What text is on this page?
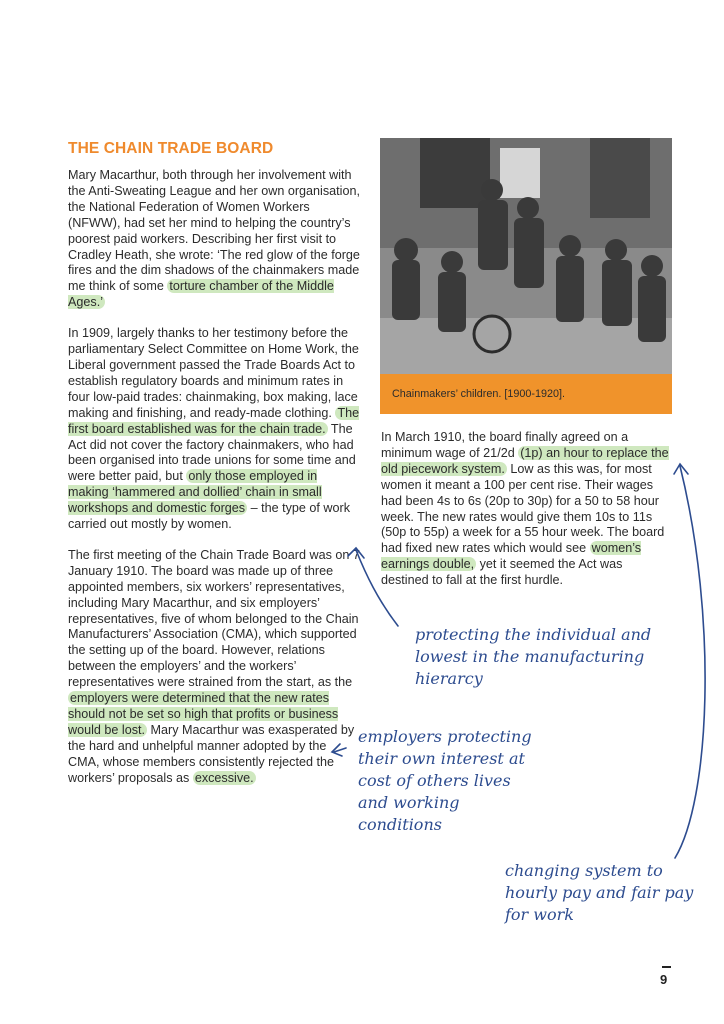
THE CHAIN TRADE BOARD

Mary Macarthur, both through her involvement with the Anti-Sweating League and her own organisation, the National Federation of Women Workers (NFWW), had set her mind to helping the country’s poorest paid workers. Describing her first visit to Cradley Heath, she wrote: ‘The red glow of the forge fires and the dim shadows of the chainmakers made me think of some torture chamber of the Middle Ages.’

In 1909, largely thanks to her testimony before the parliamentary Select Committee on Home Work, the Liberal government passed the Trade Boards Act to establish regulatory boards and minimum rates in four low-paid trades: chainmaking, box making, lace making and finishing, and ready-made clothing. The first board established was for the chain trade. The Act did not cover the factory chainmakers, who had been organised into trade unions for some time and were better paid, but only those employed in making ‘hammered and dollied’ chain in small workshops and domestic forges – the type of work carried out mostly by women.

The first meeting of the Chain Trade Board was on 7 January 1910. The board was made up of three appointed members, six workers’ representatives, including Mary Macarthur, and six employers’ representatives, five of whom belonged to the Chain Manufacturers’ Association (CMA), which supported the setting up of the board. However, relations between the employers’ and the workers’ representatives were strained from the start, as the employers were determined that the new rates should not be set so high that profits or business would be lost. Mary Macarthur was exasperated by the hard and unhelpful manner adopted by the CMA, whose members consistently rejected the workers’ proposals as excessive.

Chainmakers’ children. [1900-1920].

In March 1910, the board finally agreed on a minimum wage of 21/2d (1p) an hour to replace the old piecework system. Low as this was, for most women it meant a 100 per cent rise. Their wages had been 4s to 6s (20p to 30p) for a 50 to 58 hour week. The new rates would give them 10s to 11s (50p to 55p) a week for a 55 hour week. The board had fixed new rates which would see women’s earnings double, yet it seemed the Act was destined to fall at the first hurdle.

protecting the individual and lowest in the manufacturing hierarcy
employers protecting their own interest at cost of others lives and working conditions
changing system to hourly pay and fair pay for work
9
